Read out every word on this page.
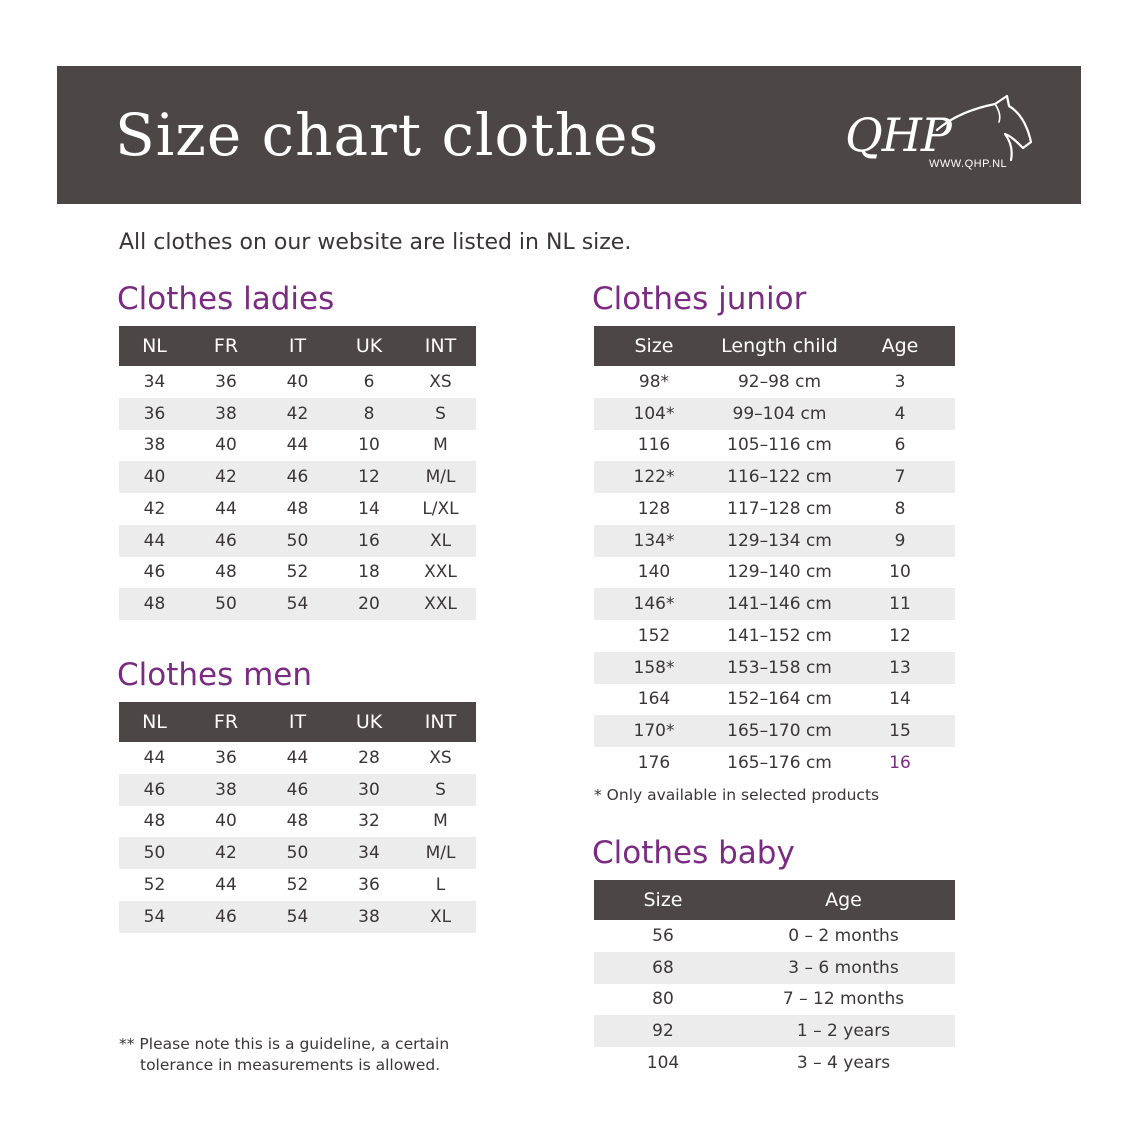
Size chart clothes	QHP
WWW.QHP.NL
All clothes on our website are listed in NL size.
Clothes ladies
NL	FR	IT	UK	INT
34	36	40	6	XS
36	38	42	8	S
38	40	44	10	M
40	42	46	12	M/L
42	44	48	14	L/XL
44	46	50	16	XL
46	48	52	18	XXL
48	50	54	20	XXL
Clothes men
NL	FR	IT	UK	INT
44	36	44	28	XS
46	38	46	30	S
48	40	48	32	M
50	42	50	34	M/L
52	44	52	36	L
54	46	54	38	XL
Clothes junior
Size	Length child	Age
98*	92–98 cm	3
104*	99–104 cm	4
116	105–116 cm	6
122*	116–122 cm	7
128	117–128 cm	8
134*	129–134 cm	9
140	129–140 cm	10
146*	141–146 cm	11
152	141–152 cm	12
158*	153–158 cm	13
164	152–164 cm	14
170*	165–170 cm	15
176	165–176 cm	16
* Only available in selected products
Clothes baby
Size	Age
56	0 – 2 months
68	3 – 6 months
80	7 – 12 months
92	1 – 2 years
104	3 – 4 years
** Please note this is a guideline, a certain
tolerance in measurements is allowed.
